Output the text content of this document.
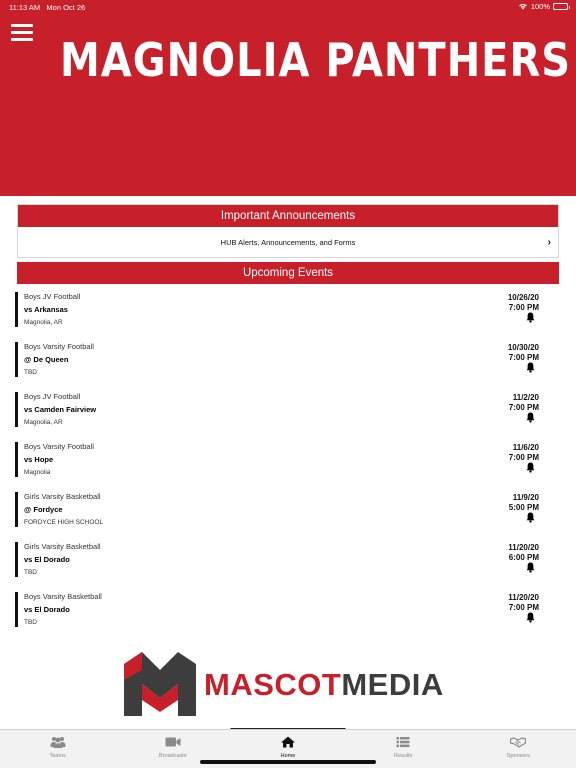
11:13 AM Mon Oct 26	100%
MAGNOLIA PANTHERS
Important Announcements
HUB Alerts, Announcements, and Forms	›
Upcoming Events
Boys JV Football
vs Arkansas
Magnolia, AR
10/26/20
7:00 PM
Boys Varsity Football
@ De Queen
TBD
10/30/20
7:00 PM
Boys JV Football
vs Camden Fairview
Magnolia, AR
11/2/20
7:00 PM
Boys Varsity Football
vs Hope
Magnolia
11/6/20
7:00 PM
Girls Varsity Basketball
@ Fordyce
FORDYCE HIGH SCHOOL
11/9/20
5:00 PM
Girls Varsity Basketball
vs El Dorado
TBD
11/20/20
6:00 PM
Boys Varsity Basketball
vs El Dorado
TBD
11/20/20
7:00 PM
MASCOTMEDIA
Teams	Broadcasts	Home	Results	Sponsors
